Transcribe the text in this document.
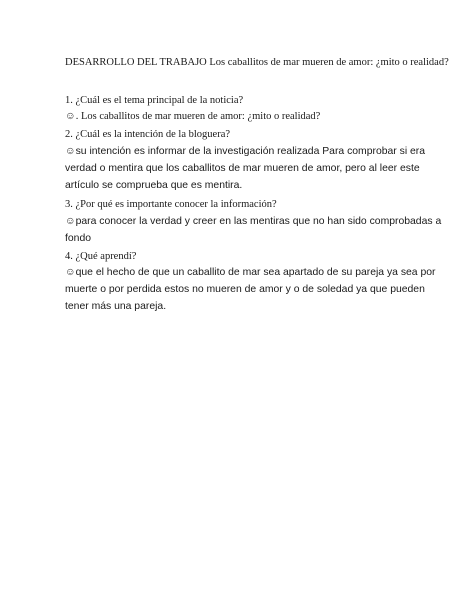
DESARROLLO DEL TRABAJO Los caballitos de mar mueren de amor: ¿mito o realidad?

1. ¿Cuál es el tema principal de la noticia?

☺. Los caballitos de mar mueren de amor: ¿mito o realidad?

2. ¿Cuál es la intención de la bloguera?

☺su intención es informar de la investigación realizada Para comprobar si era
verdad o mentira que los caballitos de mar mueren de amor, pero al leer este
artículo se comprueba que es mentira.

3. ¿Por qué es importante conocer la información?

☺para conocer la verdad y creer en las mentiras que no han sido comprobadas a
fondo

4. ¿Qué aprendí?

☺que el hecho de que un caballito de mar sea apartado de su pareja ya sea por
muerte o por perdida estos no mueren de amor y o de soledad ya que pueden
tener más una pareja.
